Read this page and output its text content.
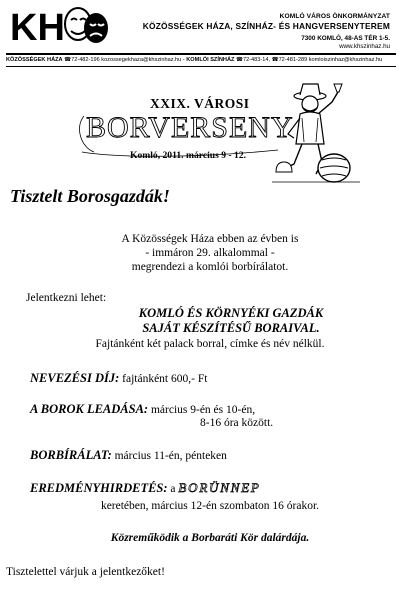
KH	KOMLÓ VÁROS ÖNKORMÁNYZAT
KÖZÖSSÉGEK HÁZA, SZÍNHÁZ- ÉS HANGVERSENYTEREM
7300 KOMLÓ, 48-AS TÉR 1-5.
www.khszinhaz.hu
KÖZÖSSÉGEK HÁZA ☎72-482-196 kozossegekhaza@khszinhaz.hu - KOMLÓI SZÍNHÁZ ☎72-483-14, ☎72-481-289 komloiszinhaz@khszinhaz.hu
XXIX. VÁROSI
BORVERSENY
Komló, 2011. március 9 - 12.
Tisztelt Borosgazdák!
A Közösségek Háza ebben az évben is
- immáron 29. alkalommal -
megrendezi a komlói borbírálatot.
Jelentkezni lehet:
KOMLÓ ÉS KÖRNYÉKI GAZDÁK
SAJÁT KÉSZÍTÉSŰ BORAIVAL.
Fajtánként két palack borral, címke és név nélkül.
NEVEZÉSI DÍJ: fajtánként 600,- Ft
A BOROK LEADÁSA: március 9-én és 10-én,
8-16 óra között.
BORBÍRÁLAT: március 11-én, pénteken
EREDMÉNYHIRDETÉS: a BORÜNNEP
keretében, március 12-én szombaton 16 órakor.
Közreműködik a Borbaráti Kör dalárdája.
Tisztelettel várjuk a jelentkezőket!
